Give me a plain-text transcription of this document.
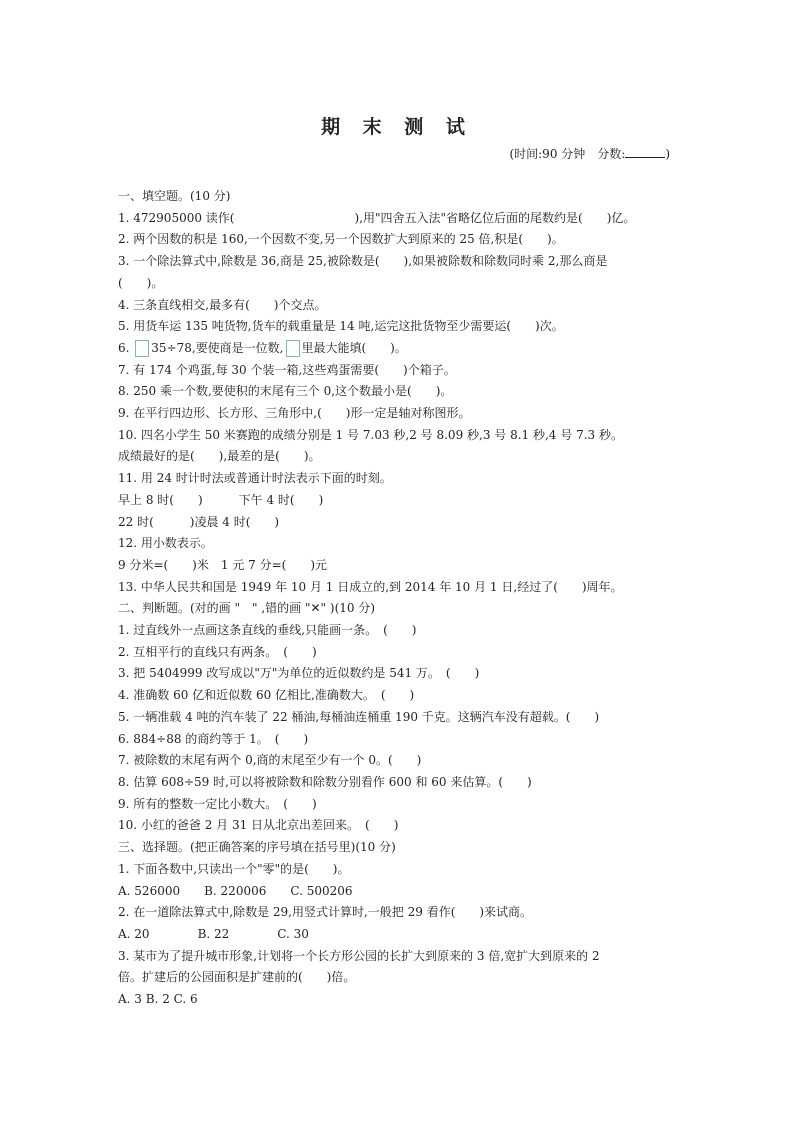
期 末 测 试
(时间:90 分钟　分数:	)
一、填空题。(10 分)
1. 472905000 读作(　　　　　　　　　　),用"四舍五入法"省略亿位后面的尾数约是(　　)亿。
2. 两个因数的积是 160,一个因数不变,另一个因数扩大到原来的 25 倍,积是(　　)。
3. 一个除法算式中,除数是 36,商是 25,被除数是(　　),如果被除数和除数同时乘 2,那么商是
(　　)。
4. 三条直线相交,最多有(　　)个交点。
5. 用货车运 135 吨货物,货车的载重量是 14 吨,运完这批货物至少需要运(　　)次。
6. 35÷78,要使商是一位数, 里最大能填(　　)。
7. 有 174 个鸡蛋,每 30 个装一箱,这些鸡蛋需要(　　)个箱子。
8. 250 乘一个数,要使积的末尾有三个 0,这个数最小是(　　)。
9. 在平行四边形、长方形、三角形中,(　　)形一定是轴对称图形。
10. 四名小学生 50 米赛跑的成绩分别是 1 号 7.03 秒,2 号 8.09 秒,3 号 8.1 秒,4 号 7.3 秒。
成绩最好的是(　　),最差的是(　　)。
11. 用 24 时计时法或普通计时法表示下面的时刻。
早上 8 时(　　)　　　下午 4 时(　　)
22 时(　　　)凌晨 4 时(　　)
12. 用小数表示。
9 分米=(　　)米　1 元 7 分=(　　)元
13. 中华人民共和国是 1949 年 10 月 1 日成立的,到 2014 年 10 月 1 日,经过了(　　)周年。
二、判断题。(对的画 "　" ,错的画 "✕" )(10 分)
1. 过直线外一点画这条直线的垂线,只能画一条。　(　　)
2. 互相平行的直线只有两条。　(　　)
3. 把 5404999 改写成以"万"为单位的近似数约是 541 万。　(　　)
4. 准确数 60 亿和近似数 60 亿相比,准确数大。　(　　)
5. 一辆准载 4 吨的汽车装了 22 桶油,每桶油连桶重 190 千克。这辆汽车没有超载。(　　)
6. 884÷88 的商约等于 1。　(　　)
7. 被除数的末尾有两个 0,商的末尾至少有一个 0。(　　)
8. 估算 608÷59 时,可以将被除数和除数分别看作 600 和 60 来估算。(　　)
9. 所有的整数一定比小数大。　(　　)
10. 小红的爸爸 2 月 31 日从北京出差回来。　(　　)
三、选择题。(把正确答案的序号填在括号里)(10 分)
1. 下面各数中,只读出一个"零"的是(　　)。
A. 526000　　B. 220006　　C. 500206
2. 在一道除法算式中,除数是 29,用竖式计算时,一般把 29 看作(　　)来试商。
A. 20　　　　B. 22　　　　C. 30
3. 某市为了提升城市形象,计划将一个长方形公园的长扩大到原来的 3 倍,宽扩大到原来的 2
倍。扩建后的公园面积是扩建前的(　　)倍。
A. 3 B. 2 C. 6
